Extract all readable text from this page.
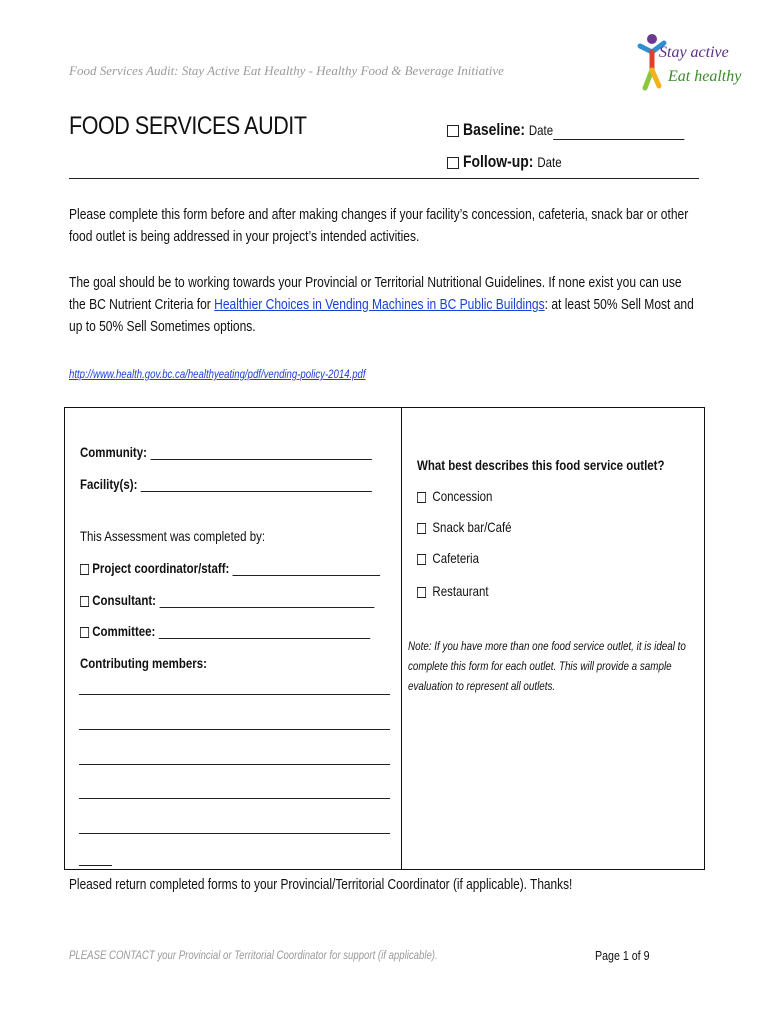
Food Services Audit: Stay Active Eat Healthy - Healthy Food & Beverage Initiative
Stay active
Eat healthy
FOOD SERVICES AUDIT	Baseline: Date
Follow-up: Date
Please complete this form before and after making changes if your facility’s concession, cafeteria, snack bar or other food outlet is being addressed in your project’s intended activities.
The goal should be to working towards your Provincial or Territorial Nutritional Guidelines. If none exist you can use the BC Nutrient Criteria for Healthier Choices in Vending Machines in BC Public Buildings: at least 50% Sell Most and up to 50% Sell Sometimes options.
http://www.health.gov.bc.ca/healthyeating/pdf/vending-policy-2014.pdf
Community:
Facility(s):
This Assessment was completed by:
Project coordinator/staff:
Consultant:
Committee:
Contributing members:
What best describes this food service outlet?
Concession
Snack bar/Café
Cafeteria
Restaurant
Note: If you have more than one food service outlet, it is ideal to complete this form for each outlet. This will provide a sample evaluation to represent all outlets.
Pleased return completed forms to your Provincial/Territorial Coordinator (if applicable). Thanks!
PLEASE CONTACT your Provincial or Territorial Coordinator for support (if applicable).	Page 1 of 9
